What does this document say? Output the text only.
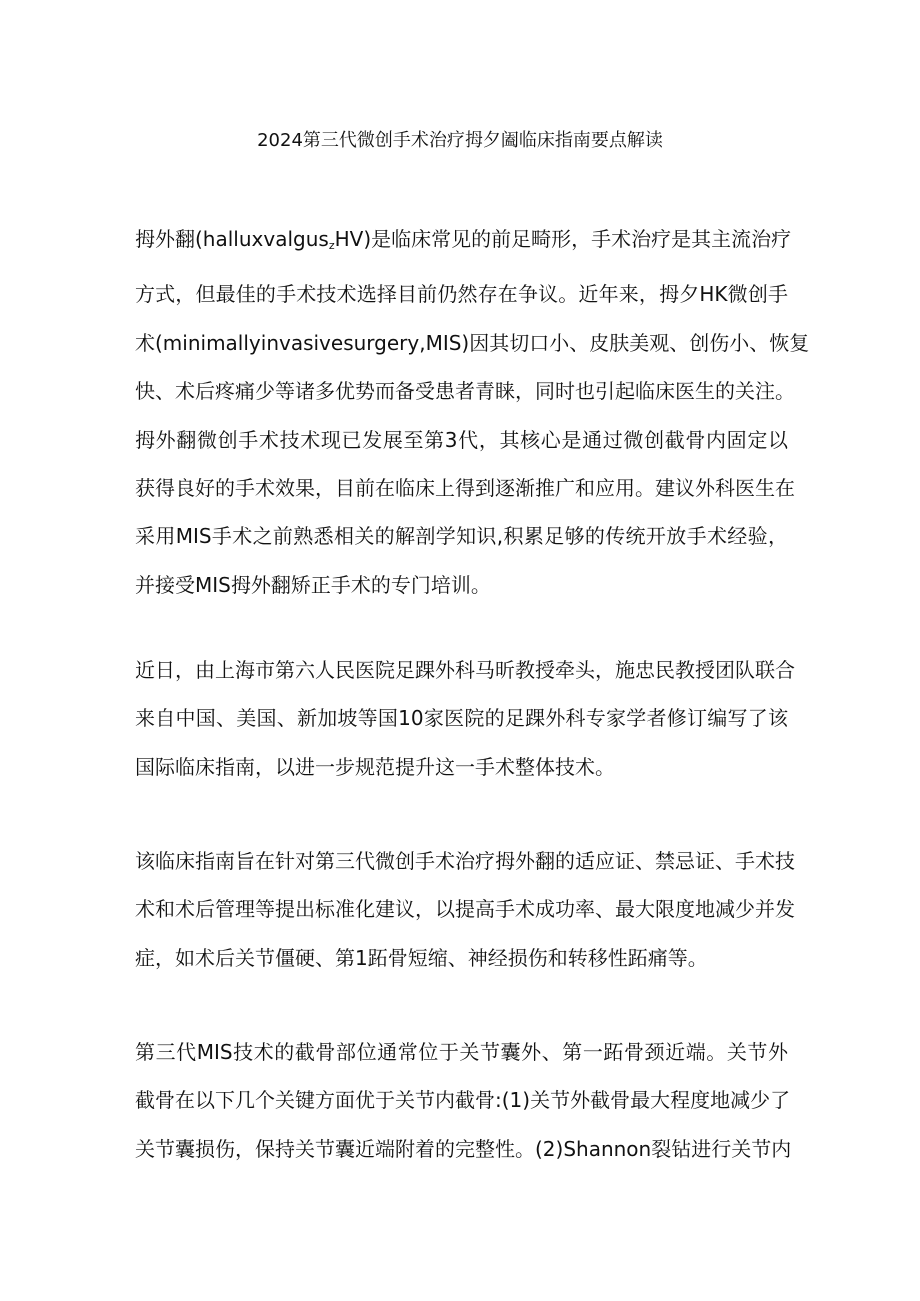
2024第三代微创手术治疗拇夕阖临床指南要点解读
拇外翻(halluxvalgus$_z$HV)是临床常见的前足畸形，手术治疗是其主流治疗
方式，但最佳的手术技术选择目前仍然存在争议。近年来，拇夕HK微创手
术(minimallyinvasivesurgery,MIS)因其切口小、皮肤美观、创伤小、恢复
快、术后疼痛少等诸多优势而备受患者青睐，同时也引起临床医生的关注。
拇外翻微创手术技术现已发展至第3代，其核心是通过微创截骨内固定以
获得良好的手术效果，目前在临床上得到逐渐推广和应用。建议外科医生在
采用MIS手术之前熟悉相关的解剖学知识,积累足够的传统开放手术经验，
并接受MIS拇外翻矫正手术的专门培训。
近日，由上海市第六人民医院足踝外科马昕教授牵头，施忠民教授团队联合
来自中国、美国、新加坡等国10家医院的足踝外科专家学者修订编写了该
国际临床指南，以进一步规范提升这一手术整体技术。
该临床指南旨在针对第三代微创手术治疗拇外翻的适应证、禁忌证、手术技
术和术后管理等提出标准化建议，以提高手术成功率、最大限度地减少并发
症，如术后关节僵硬、第1跖骨短缩、神经损伤和转移性跖痛等。
第三代MIS技术的截骨部位通常位于关节囊外、第一跖骨颈近端。关节外
截骨在以下几个关键方面优于关节内截骨:(1)关节外截骨最大程度地减少了
关节囊损伤，保持关节囊近端附着的完整性。(2)Shannon裂钻进行关节内
